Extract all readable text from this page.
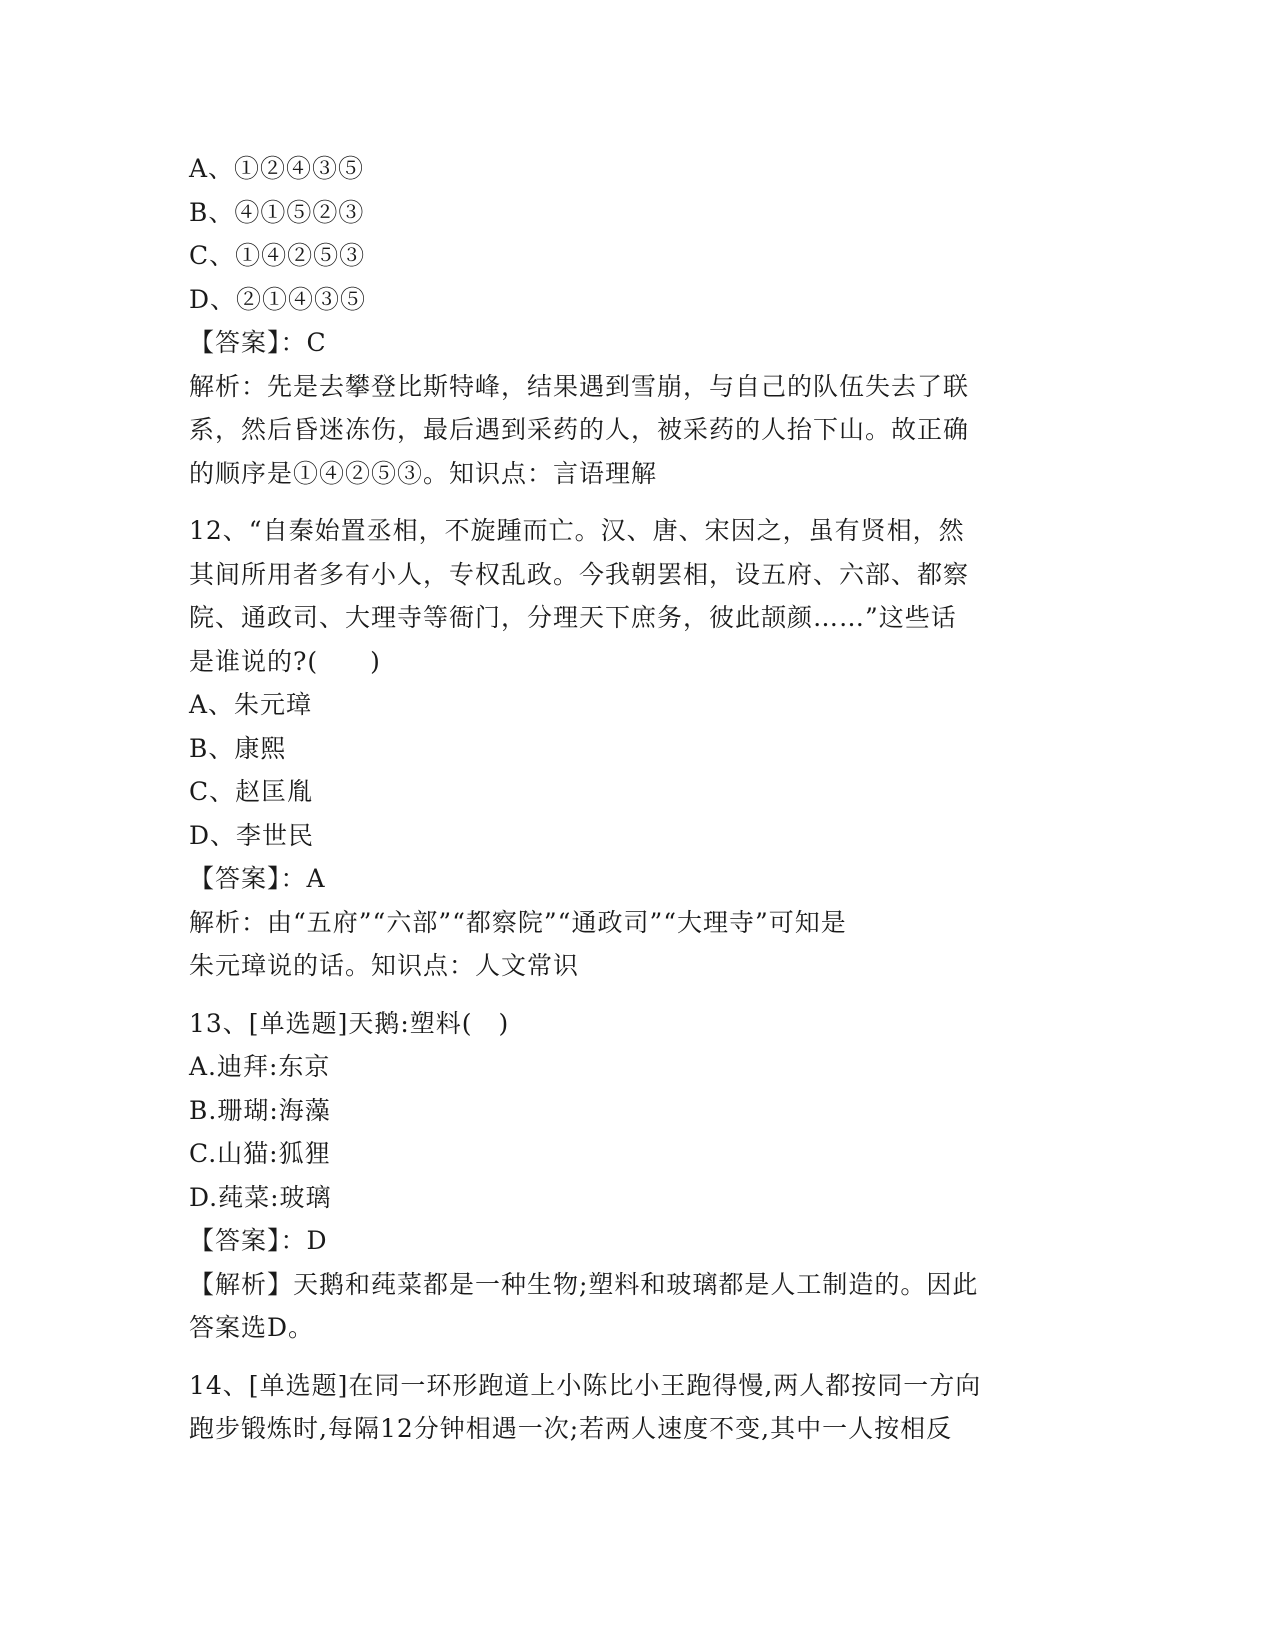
A、①②④③⑤
B、④①⑤②③
C、①④②⑤③
D、②①④③⑤
【答案】：C
解析：先是去攀登比斯特峰，结果遇到雪崩，与自己的队伍失去了联
系，然后昏迷冻伤，最后遇到采药的人，被采药的人抬下山。故正确
的顺序是①④②⑤③。知识点：言语理解
12、“自秦始置丞相，不旋踵而亡。汉、唐、宋因之，虽有贤相，然
其间所用者多有小人，专权乱政。今我朝罢相，设五府、六部、都察
院、通政司、大理寺等衙门，分理天下庶务，彼此颉颜……”这些话
是谁说的?(　　)
A、朱元璋
B、康熙
C、赵匡胤
D、李世民
【答案】：A
解析：由“五府”“六部”“都察院”“通政司”“大理寺”可知是
朱元璋说的话。知识点：人文常识
13、[单选题]天鹅:塑料(　)
A.迪拜:东京
B.珊瑚:海藻
C.山猫:狐狸
D.莼菜:玻璃
【答案】：D
【解析】天鹅和莼菜都是一种生物;塑料和玻璃都是人工制造的。因此
答案选D。
14、[单选题]在同一环形跑道上小陈比小王跑得慢,两人都按同一方向
跑步锻炼时,每隔12分钟相遇一次;若两人速度不变,其中一人按相反
